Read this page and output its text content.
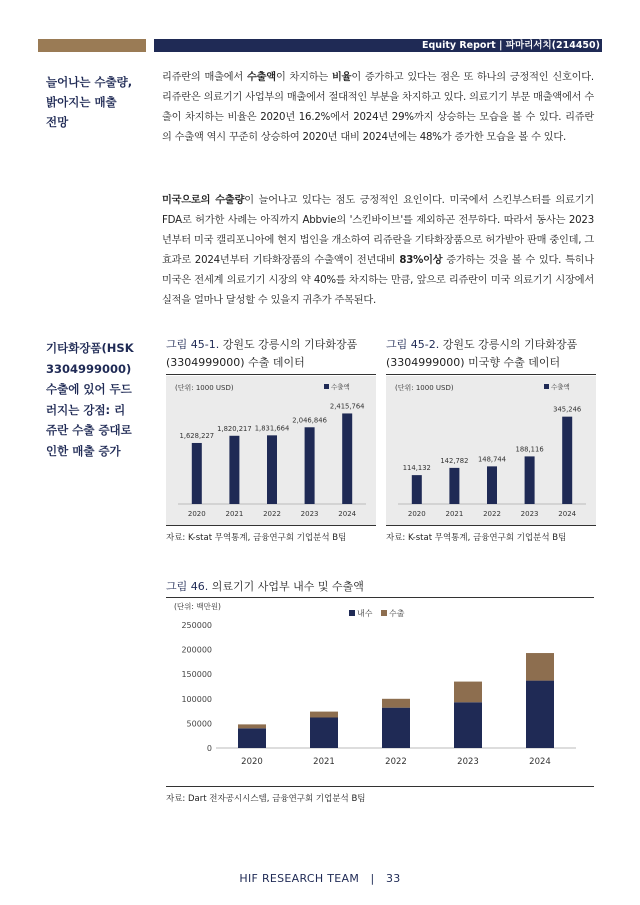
Equity Report | 파마리서치(214450)
늘어나는 수출량,
밝아지는 매출
전망
리쥬란의 매출에서 수출액이 차지하는 비율이 증가하고 있다는 점은 또 하나의 긍정적인 신호이다. 리쥬란은 의료기기 사업부의 매출에서 절대적인 부분을 차지하고 있다. 의료기기 부문 매출액에서 수출이 차지하는 비율은 2020년 16.2%에서 2024년 29%까지 상승하는 모습을 볼 수 있다. 리쥬란의 수출액 역시 꾸준히 상승하여 2020년 대비 2024년에는 48%가 증가한 모습을 볼 수 있다.
미국으로의 수출량이 늘어나고 있다는 점도 긍정적인 요인이다. 미국에서 스킨부스터를 의료기기 FDA로 허가한 사례는 아직까지 Abbvie의 '스킨바이브'를 제외하곤 전무하다. 따라서 동사는 2023년부터 미국 캘리포니아에 현지 법인을 개소하여 리쥬란을 기타화장품으로 허가받아 판매 중인데, 그 효과로 2024년부터 기타화장품의 수출액이 전년대비 83%이상 증가하는 것을 볼 수 있다. 특히나 미국은 전세계 의료기기 시장의 약 40%를 차지하는 만큼, 앞으로 리쥬란이 미국 의료기기 시장에서 실적을 얼마나 달성할 수 있을지 귀추가 주목된다.
기타화장품(HSK
3304999000)
수출에 있어 두드
러지는 강점: 리
쥬란 수출 증대로
인한 매출 증가
그림 45-1. 강원도 강릉시의 기타화장품
(3304999000) 수출 데이터
(단위: 1000 USD)	수출액
1,628,227
2020
1,820,217
2021
1,831,664
2022
2,046,846
2023
2,415,764
2024
자료: K-stat 무역통계, 금융연구회 기업분석 B팀
그림 45-2. 강원도 강릉시의 기타화장품
(3304999000) 미국향 수출 데이터
(단위: 1000 USD)	수출액
114,132
2020
142,782
2021
148,744
2022
188,116
2023
345,246
2024
자료: K-stat 무역통계, 금융연구회 기업분석 B팀
그림 46. 의료기기 사업부 내수 및 수출액
(단위: 백만원)
0
50000
100000
150000
200000
250000
내수 수출
2020	2021	2022	2023	2024
자료: Dart 전자공시시스템, 금융연구회 기업분석 B팀
HIF RESEARCH TEAM | 33
